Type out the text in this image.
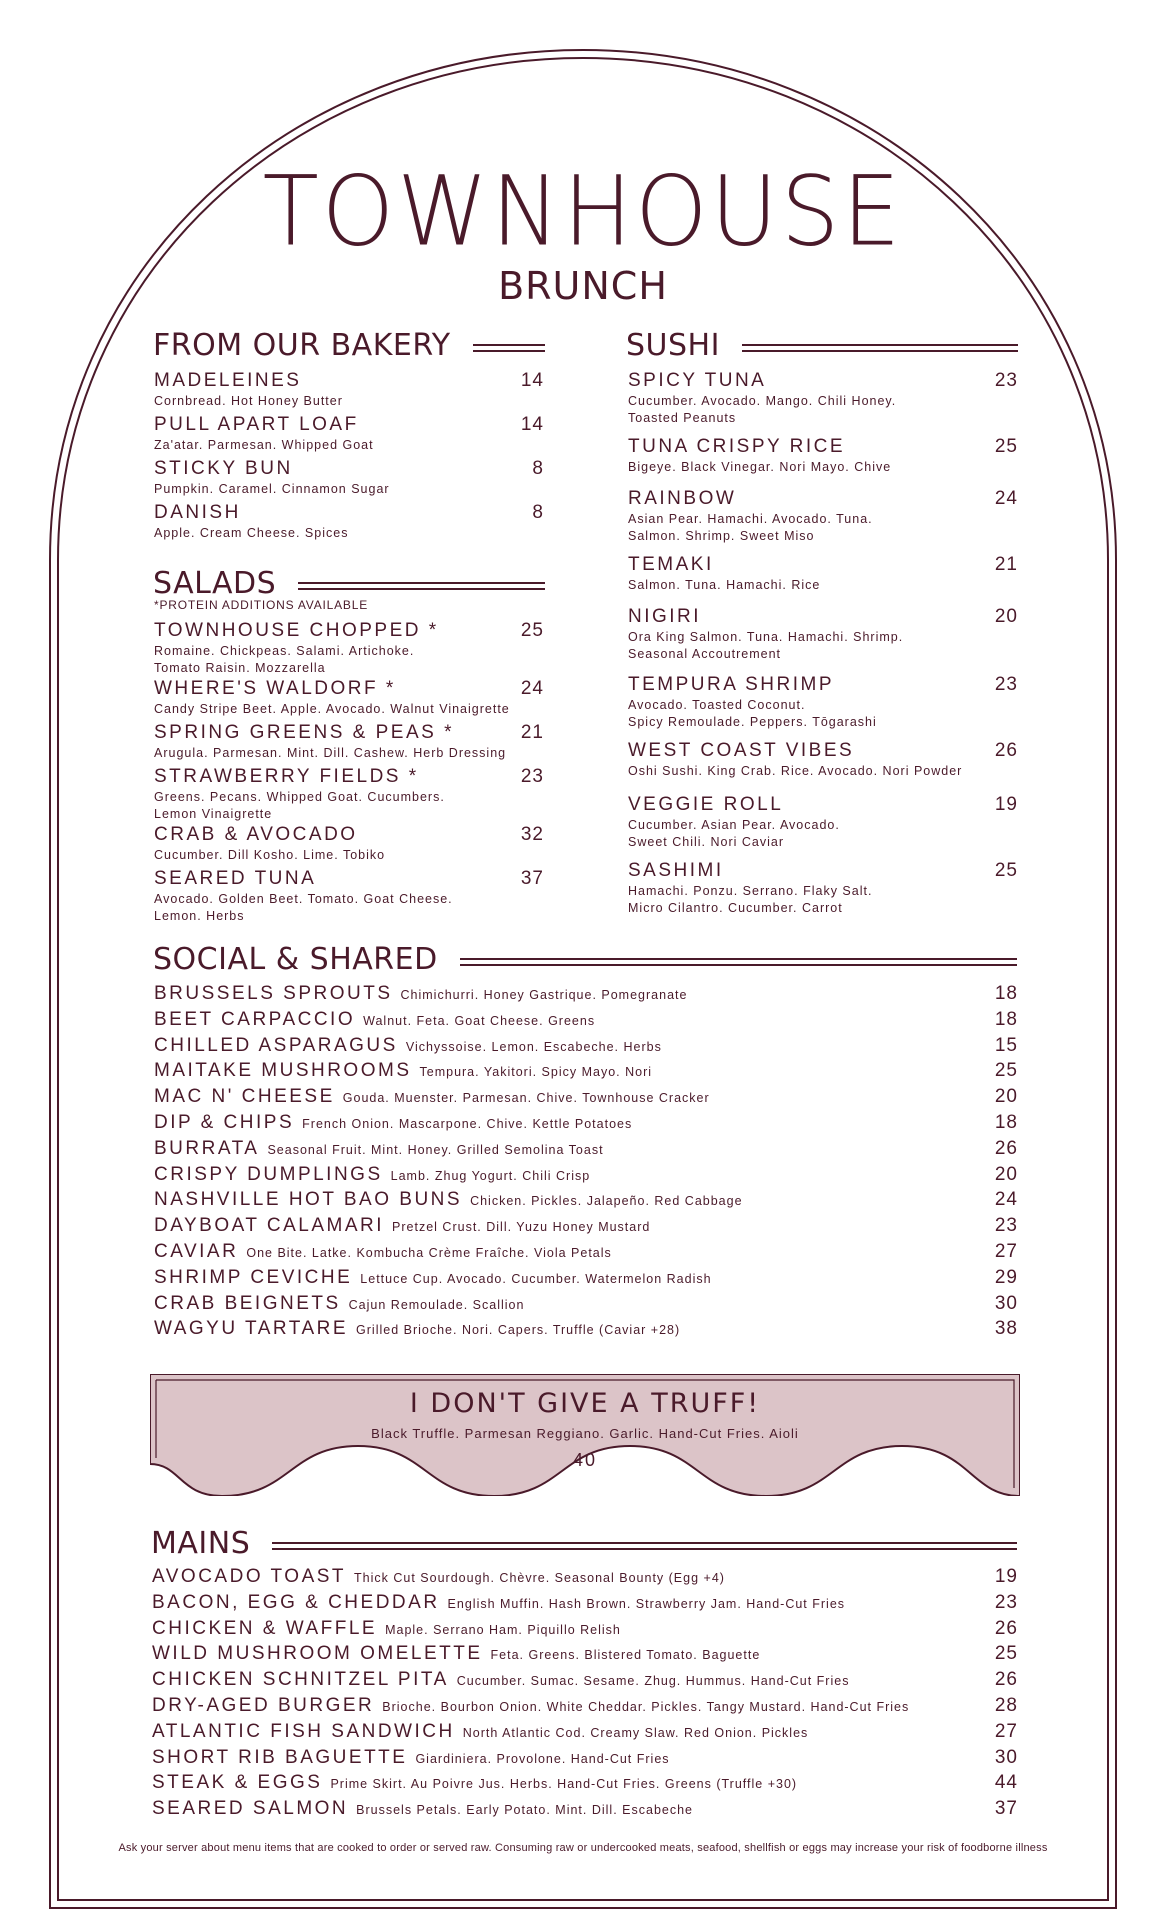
TOWNHOUSE
BRUNCH
FROM OUR BAKERY
MADELEINES	14
Cornbread. Hot Honey Butter
PULL APART LOAF	14
Za'atar. Parmesan. Whipped Goat
STICKY BUN	8
Pumpkin. Caramel. Cinnamon Sugar
DANISH	8
Apple. Cream Cheese. Spices
SALADS
*PROTEIN ADDITIONS AVAILABLE
TOWNHOUSE CHOPPED *	25
Romaine. Chickpeas. Salami. Artichoke.
Tomato Raisin. Mozzarella
WHERE'S WALDORF *	24
Candy Stripe Beet. Apple. Avocado. Walnut Vinaigrette
SPRING GREENS & PEAS *	21
Arugula. Parmesan. Mint. Dill. Cashew. Herb Dressing
STRAWBERRY FIELDS *	23
Greens. Pecans. Whipped Goat. Cucumbers.
Lemon Vinaigrette
CRAB & AVOCADO	32
Cucumber. Dill Kosho. Lime. Tobiko
SEARED TUNA	37
Avocado. Golden Beet. Tomato. Goat Cheese.
Lemon. Herbs
SUSHI
SPICY TUNA	23
Cucumber. Avocado. Mango. Chili Honey.
Toasted Peanuts
TUNA CRISPY RICE	25
Bigeye. Black Vinegar. Nori Mayo. Chive
RAINBOW	24
Asian Pear. Hamachi. Avocado. Tuna.
Salmon. Shrimp. Sweet Miso
TEMAKI	21
Salmon. Tuna. Hamachi. Rice
NIGIRI	20
Ora King Salmon. Tuna. Hamachi. Shrimp.
Seasonal Accoutrement
TEMPURA SHRIMP	23
Avocado. Toasted Coconut.
Spicy Remoulade. Peppers. Tōgarashi
WEST COAST VIBES	26
Oshi Sushi. King Crab. Rice. Avocado. Nori Powder
VEGGIE ROLL	19
Cucumber. Asian Pear. Avocado.
Sweet Chili. Nori Caviar
SASHIMI	25
Hamachi. Ponzu. Serrano. Flaky Salt.
Micro Cilantro. Cucumber. Carrot
SOCIAL & SHARED
BRUSSELS SPROUTS Chimichurri. Honey Gastrique. Pomegranate	18
BEET CARPACCIO Walnut. Feta. Goat Cheese. Greens	18
CHILLED ASPARAGUS Vichyssoise. Lemon. Escabeche. Herbs	15
MAITAKE MUSHROOMS Tempura. Yakitori. Spicy Mayo. Nori	25
MAC N' CHEESE Gouda. Muenster. Parmesan. Chive. Townhouse Cracker	20
DIP & CHIPS French Onion. Mascarpone. Chive. Kettle Potatoes	18
BURRATA Seasonal Fruit. Mint. Honey. Grilled Semolina Toast	26
CRISPY DUMPLINGS Lamb. Zhug Yogurt. Chili Crisp	20
NASHVILLE HOT BAO BUNS Chicken. Pickles. Jalapeño. Red Cabbage	24
DAYBOAT CALAMARI Pretzel Crust. Dill. Yuzu Honey Mustard	23
CAVIAR One Bite. Latke. Kombucha Crème Fraîche. Viola Petals	27
SHRIMP CEVICHE Lettuce Cup. Avocado. Cucumber. Watermelon Radish	29
CRAB BEIGNETS Cajun Remoulade. Scallion	30
WAGYU TARTARE Grilled Brioche. Nori. Capers. Truffle (Caviar +28)	38
I DON'T GIVE A TRUFF!
Black Truffle. Parmesan Reggiano. Garlic. Hand-Cut Fries. Aioli
40
MAINS
AVOCADO TOAST Thick Cut Sourdough. Chèvre. Seasonal Bounty (Egg +4)	19
BACON, EGG & CHEDDAR English Muffin. Hash Brown. Strawberry Jam. Hand-Cut Fries	23
CHICKEN & WAFFLE Maple. Serrano Ham. Piquillo Relish	26
WILD MUSHROOM OMELETTE Feta. Greens. Blistered Tomato. Baguette	25
CHICKEN SCHNITZEL PITA Cucumber. Sumac. Sesame. Zhug. Hummus. Hand-Cut Fries	26
DRY-AGED BURGER Brioche. Bourbon Onion. White Cheddar. Pickles. Tangy Mustard. Hand-Cut Fries	28
ATLANTIC FISH SANDWICH North Atlantic Cod. Creamy Slaw. Red Onion. Pickles	27
SHORT RIB BAGUETTE Giardiniera. Provolone. Hand-Cut Fries	30
STEAK & EGGS Prime Skirt. Au Poivre Jus. Herbs. Hand-Cut Fries. Greens (Truffle +30)	44
SEARED SALMON Brussels Petals. Early Potato. Mint. Dill. Escabeche	37
Ask your server about menu items that are cooked to order or served raw. Consuming raw or undercooked meats, seafood, shellfish or eggs may increase your risk of foodborne illness
